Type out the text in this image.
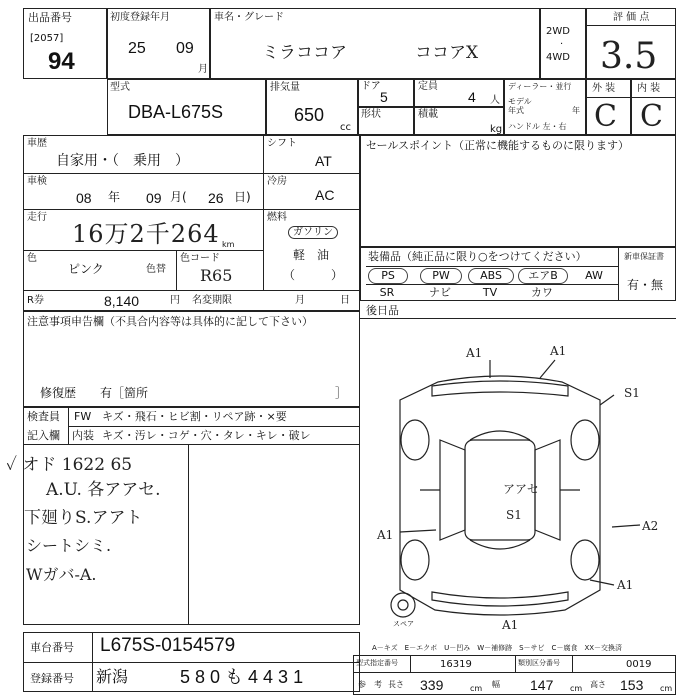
出品番号
[2057]
94
初度登録年月
25 09
月
車名・グレード
ミラココア	ココアX
2WD
·
4WD
評 価 点
3.5
型式
DBA-L675S
排気量
650
cc
ドア
5
定員
4 人
形状	積載
kg
ディーラー・並行
モデル年式	年
ハンドル 左・右
外 装
C
内 装
C
車歴
自家用・（　乗用　）
シフト
AT
車検
08 年 09 月( 26 日)
冷房
AC
走行
16万2千264 km
燃料
ガソリン
軽　油
（　　　）
色
ピンク	色替
色コード
R65
R券	8,140	円 名変期限	月	日
セールスポイント（正常に機能するものに限ります）
装備品（純正品に限り○をつけてください）	新車保証書
有・無
PS	PW	ABS	エアB	AW
SR	ナビ	TV	カワ
後日品
注意事項申告欄（不具合内容等は具体的に記して下さい）
修復歴　　有［箇所	］
検査員
記入欄
FW キズ・飛石・ヒビ割・リペア跡・×要
内装 キズ・汚レ・コゲ・穴・タレ・キレ・破レ
✓ オド 1622 65
A.U. 各アアセ.
下廻りS.アアト
シートシミ.
Wガバ-A.
A1	A1
S1
アアセ
S1
A1
A2
A1
A1
スペア
車台番号 L675S-0154579
登録番号 新潟	580も4431
A－キズ　E－エクボ　U－凹み　W－補修跡　S－サビ　C－腐食　XX－交換済
型式指定番号	16319	類別区分番号	0019
参　考 長さ 339	cm 幅 147 cm 高さ 153 cm
